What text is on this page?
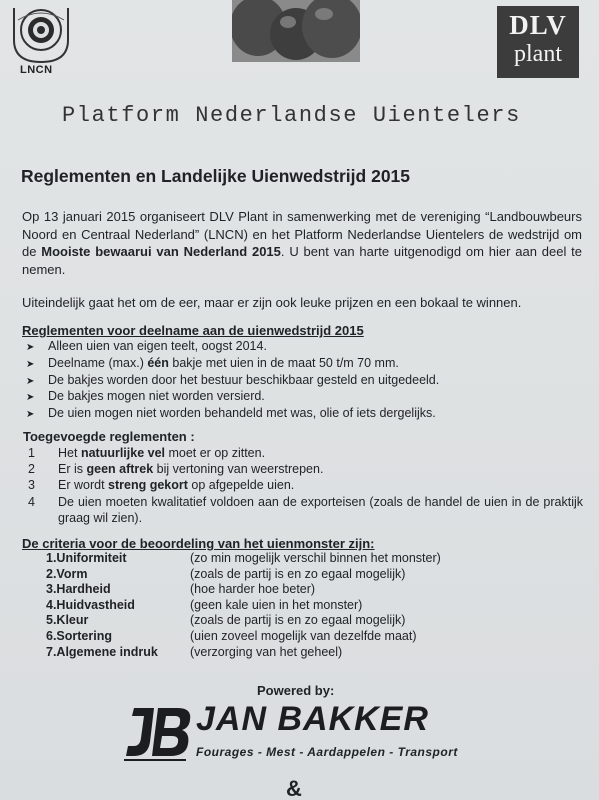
LNCN
DLV
plant
Platform Nederlandse Uientelers
Reglementen en Landelijke Uienwedstrijd 2015

Op 13 januari 2015 organiseert DLV Plant in samenwerking met de vereniging “Landbouwbeurs Noord en Centraal Nederland” (LNCN) en het Platform Nederlandse Uientelers de wedstrijd om de Mooiste bewaarui van Nederland 2015. U bent van harte uitgenodigd om hier aan deel te nemen.

Uiteindelijk gaat het om de eer, maar er zijn ook leuke prijzen en een bokaal te winnen.

Reglementen voor deelname aan de uienwedstrijd 2015
➤	Alleen uien van eigen teelt, oogst 2014.
➤	Deelname (max.) één bakje met uien in de maat 50 t/m 70 mm.
➤	De bakjes worden door het bestuur beschikbaar gesteld en uitgedeeld.
➤	De bakjes mogen niet worden versierd.
➤	De uien mogen niet worden behandeld met was, olie of iets dergelijks.
Toegevoegde reglementen :
1	Het natuurlijke vel moet er op zitten.
2	Er is geen aftrek bij vertoning van weerstrepen.
3	Er wordt streng gekort op afgepelde uien.
4	De uien moeten kwalitatief voldoen aan de exporteisen (zoals de handel de uien in de praktijk graag wil zien).
De criteria voor de beoordeling van het uienmonster zijn:
1.Uniformiteit	(zo min mogelijk verschil binnen het monster)
2.Vorm	(zoals de partij is en zo egaal mogelijk)
3.Hardheid	(hoe harder hoe beter)
4.Huidvastheid	(geen kale uien in het monster)
5.Kleur	(zoals de partij is en zo egaal mogelijk)
6.Sortering	(uien zoveel mogelijk van dezelfde maat)
7.Algemene indruk	(verzorging van het geheel)
Powered by:
JAN BAKKER
Fourages - Mest - Aardappelen - Transport
&
